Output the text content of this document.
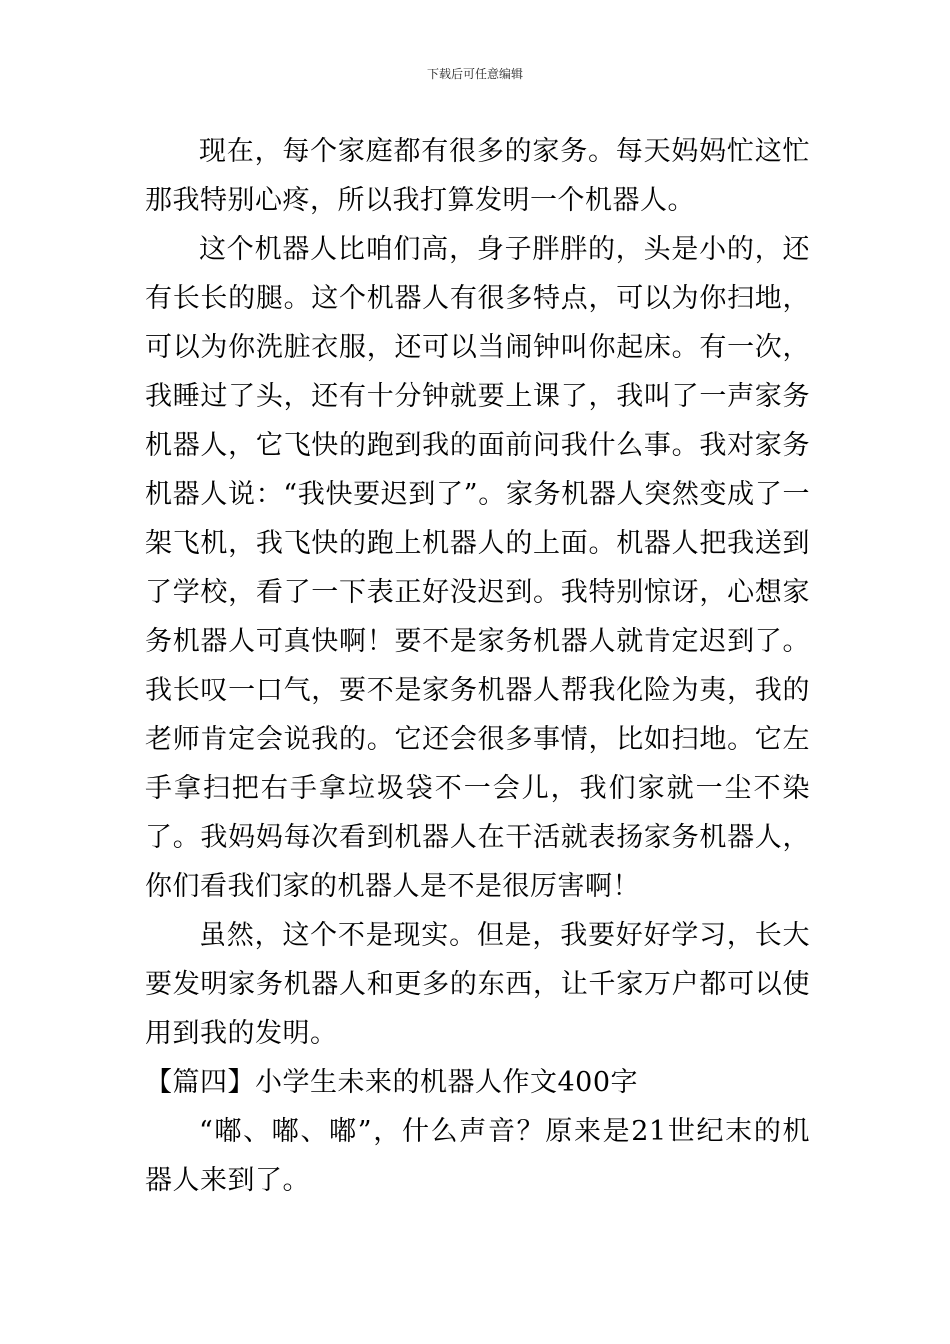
下载后可任意编辑

现在，每个家庭都有很多的家务。每天妈妈忙这忙那我特别心疼，所以我打算发明一个机器人。

这个机器人比咱们高，身子胖胖的，头是小的，还有长长的腿。这个机器人有很多特点，可以为你扫地，可以为你洗脏衣服，还可以当闹钟叫你起床。有一次，我睡过了头，还有十分钟就要上课了，我叫了一声家务机器人，它飞快的跑到我的面前问我什么事。我对家务机器人说：“我快要迟到了”。家务机器人突然变成了一架飞机，我飞快的跑上机器人的上面。机器人把我送到了学校，看了一下表正好没迟到。我特别惊讶，心想家务机器人可真快啊！要不是家务机器人就肯定迟到了。我长叹一口气，要不是家务机器人帮我化险为夷，我的老师肯定会说我的。它还会很多事情，比如扫地。它左手拿扫把右手拿垃圾袋不一会儿，我们家就一尘不染了。我妈妈每次看到机器人在干活就表扬家务机器人，你们看我们家的机器人是不是很厉害啊！

虽然，这个不是现实。但是，我要好好学习，长大要发明家务机器人和更多的东西，让千家万户都可以使用到我的发明。

【篇四】小学生未来的机器人作文400字

“嘟、嘟、嘟”，什么声音？原来是21世纪末的机器人来到了。
